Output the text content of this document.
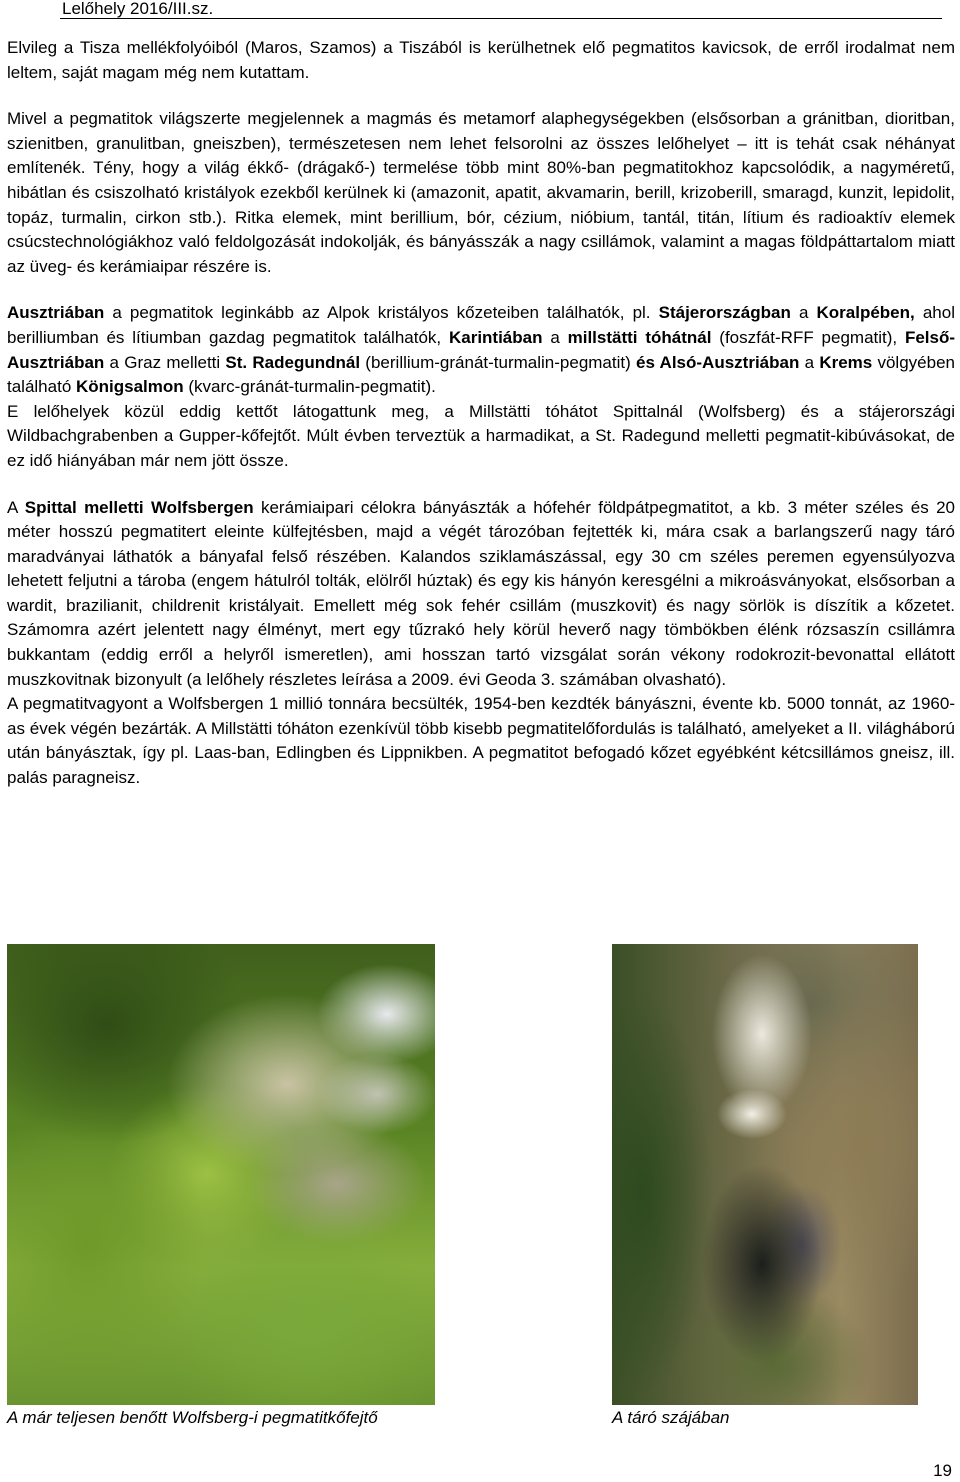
Lelőhely 2016/III.sz.

Elvileg a Tisza mellékfolyóiból (Maros, Szamos) a Tiszából is kerülhetnek elő pegmatitos kavicsok, de erről irodalmat nem leltem, saját magam még nem kutattam.

Mivel a pegmatitok világszerte megjelennek a magmás és metamorf alaphegységekben (elsősorban a gránitban, dioritban, szienitben, granulitban, gneiszben), természetesen nem lehet felsorolni az összes lelőhelyet – itt is tehát csak néhányat említenék. Tény, hogy a világ ékkő- (drágakő-) termelése több mint 80%-ban pegmatitokhoz kapcsolódik, a nagyméretű, hibátlan és csiszolható kristályok ezekből kerülnek ki (amazonit, apatit, akvamarin, berill, krizoberill, smaragd, kunzit, lepidolit, topáz, turmalin, cirkon stb.). Ritka elemek, mint berillium, bór, cézium, nióbium, tantál, titán, lítium és radioaktív elemek csúcstechnológiákhoz való feldolgozását indokolják, és bányásszák a nagy csillámok, valamint a magas földpáttartalom miatt az üveg- és kerámiaipar részére is.

Ausztriában a pegmatitok leginkább az Alpok kristályos kőzeteiben találhatók, pl. Stájerországban a Koralpében, ahol berilliumban és lítiumban gazdag pegmatitok találhatók, Karintiában a millstätti tóhátnál (foszfát-RFF pegmatit), Felső-Ausztriában a Graz melletti St. Radegundnál (berillium-gránát-turmalin-pegmatit) és Alsó-Ausztriában a Krems völgyében található Königsalmon (kvarc-gránát-turmalin-pegmatit).

E lelőhelyek közül eddig kettőt látogattunk meg, a Millstätti tóhátot Spittalnál (Wolfsberg) és a stájerországi Wildbachgrabenben a Gupper-kőfejtőt. Múlt évben terveztük a harmadikat, a St. Radegund melletti pegmatit-kibúvásokat, de ez idő hiányában már nem jött össze.

A Spittal melletti Wolfsbergen kerámiaipari célokra bányászták a hófehér földpátpegmatitot, a kb. 3 méter széles és 20 méter hosszú pegmatitert eleinte külfejtésben, majd a végét tározóban fejtették ki, mára csak a barlangszerű nagy táró maradványai láthatók a bányafal felső részében. Kalandos sziklamászással, egy 30 cm széles peremen egyensúlyozva lehetett feljutni a tároba (engem hátulról tolták, elölről húztak) és egy kis hányón keresgélni a mikroásványokat, elsősorban a wardit, brazilianit, childrenit kristályait. Emellett még sok fehér csillám (muszkovit) és nagy sörlök is díszítik a kőzetet. Számomra azért jelentett nagy élményt, mert egy tűzrakó hely körül heverő nagy tömbökben élénk rózsaszín csillámra bukkantam (eddig erről a helyről ismeretlen), ami hosszan tartó vizsgálat során vékony rodokrozit-bevonattal ellátott muszkovitnak bizonyult (a lelőhely részletes leírása a 2009. évi Geoda 3. számában olvasható).

A pegmatitvagyont a Wolfsbergen 1 millió tonnára becsülték, 1954-ben kezdték bányászni, évente kb. 5000 tonnát, az 1960-as évek végén bezárták. A Millstätti tóháton ezenkívül több kisebb pegmatitelőfordulás is található, amelyeket a II. világháború után bányásztak, így pl. Laas-ban, Edlingben és Lippnikben. A pegmatitot befogadó kőzet egyébként kétcsillámos gneisz, ill. palás paragneisz.

A már teljesen benőtt Wolfsberg-i pegmatitkőfejtő	A táró szájában
19
